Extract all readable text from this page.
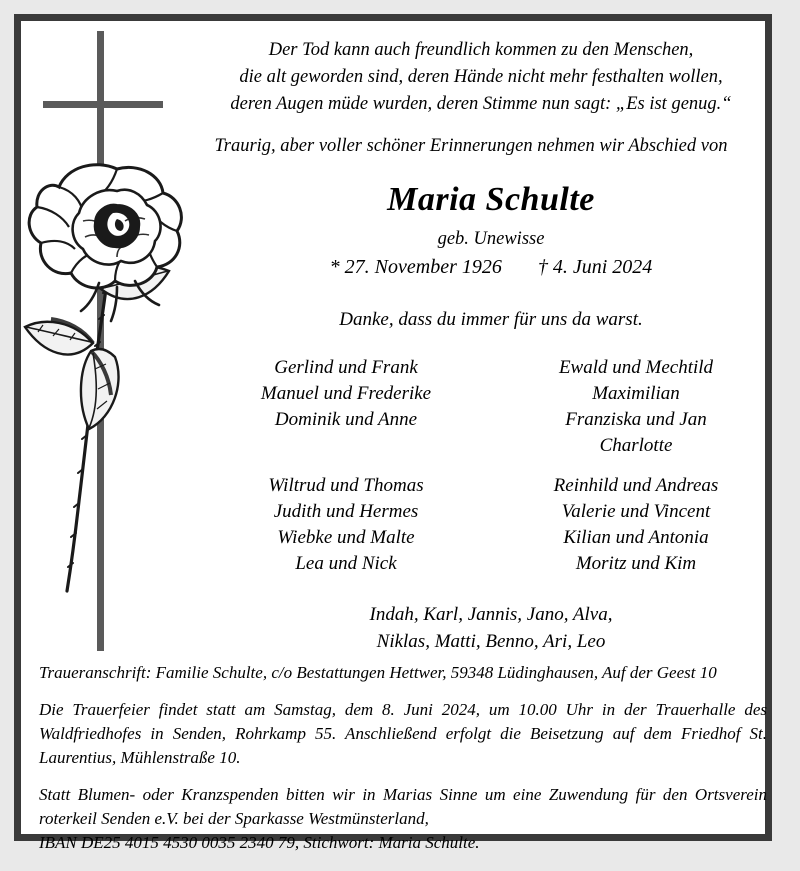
Der Tod kann auch freundlich kommen zu den Menschen,
die alt geworden sind, deren Hände nicht mehr festhalten wollen,
deren Augen müde wurden, deren Stimme nun sagt: „Es ist genug.“
Traurig, aber voller schöner Erinnerungen nehmen wir Abschied von
Maria Schulte
geb. Unewisse
* 27. November 1926 † 4. Juni 2024
Danke, dass du immer für uns da warst.
Gerlind und Frank
Manuel und Frederike
Dominik und Anne
Ewald und Mechtild
Maximilian
Franziska und Jan
Charlotte
Wiltrud und Thomas
Judith und Hermes
Wiebke und Malte
Lea und Nick
Reinhild und Andreas
Valerie und Vincent
Kilian und Antonia
Moritz und Kim
Indah, Karl, Jannis, Jano, Alva,
Niklas, Matti, Benno, Ari, Leo

Traueranschrift: Familie Schulte, c/o Bestattungen Hettwer, 59348 Lüdinghausen, Auf der Geest 10

Die Trauerfeier findet statt am Samstag, dem 8. Juni 2024, um 10.00 Uhr in der Trauerhalle des Waldfriedhofes in Senden, Rohrkamp 55. Anschließend erfolgt die Beisetzung auf dem Friedhof St. Laurentius, Mühlenstraße 10.

Statt Blumen- oder Kranzspenden bitten wir in Marias Sinne um eine Zuwendung für den Ortsverein roterkeil Senden e.V. bei der Sparkasse Westmünsterland,
IBAN DE25 4015 4530 0035 2340 79, Stichwort: Maria Schulte.
